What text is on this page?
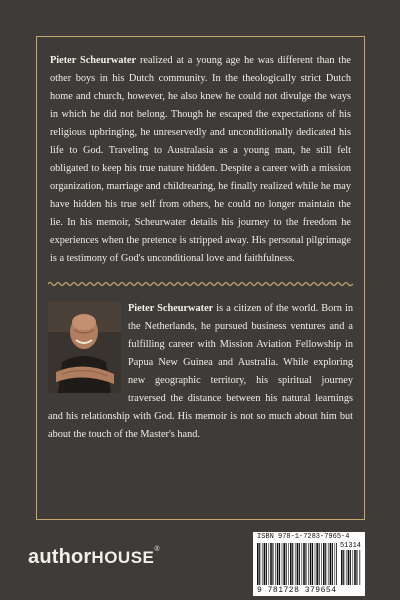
Pieter Scheurwater realized at a young age he was different than the other boys in his Dutch community. In the theologically strict Dutch home and church, however, he also knew he could not divulge the ways in which he did not belong. Though he escaped the expectations of his religious upbringing, he unreservedly and unconditionally dedicated his life to God. Traveling to Australasia as a young man, he still felt obligated to keep his true nature hidden. Despite a career with a mission organization, marriage and childrearing, he finally realized while he may have hidden his true self from others, he could no longer maintain the lie. In his memoir, Scheurwater details his journey to the freedom he experiences when the pretence is stripped away. His personal pilgrimage is a testimony of God's unconditional love and faithfulness.
Pieter Scheurwater is a citizen of the world. Born in the Netherlands, he pursued business ventures and a fulfilling career with Mission Aviation Fellowship in Papua New Guinea and Australia. While exploring new geographic territory, his spiritual journey traversed the distance between his natural learnings and his relationship with God. His memoir is not so much about him but about the touch of the Master's hand.
authorHOUSE®
ISBN 978-1-7283-7965-4
51314
9 781728 379654
